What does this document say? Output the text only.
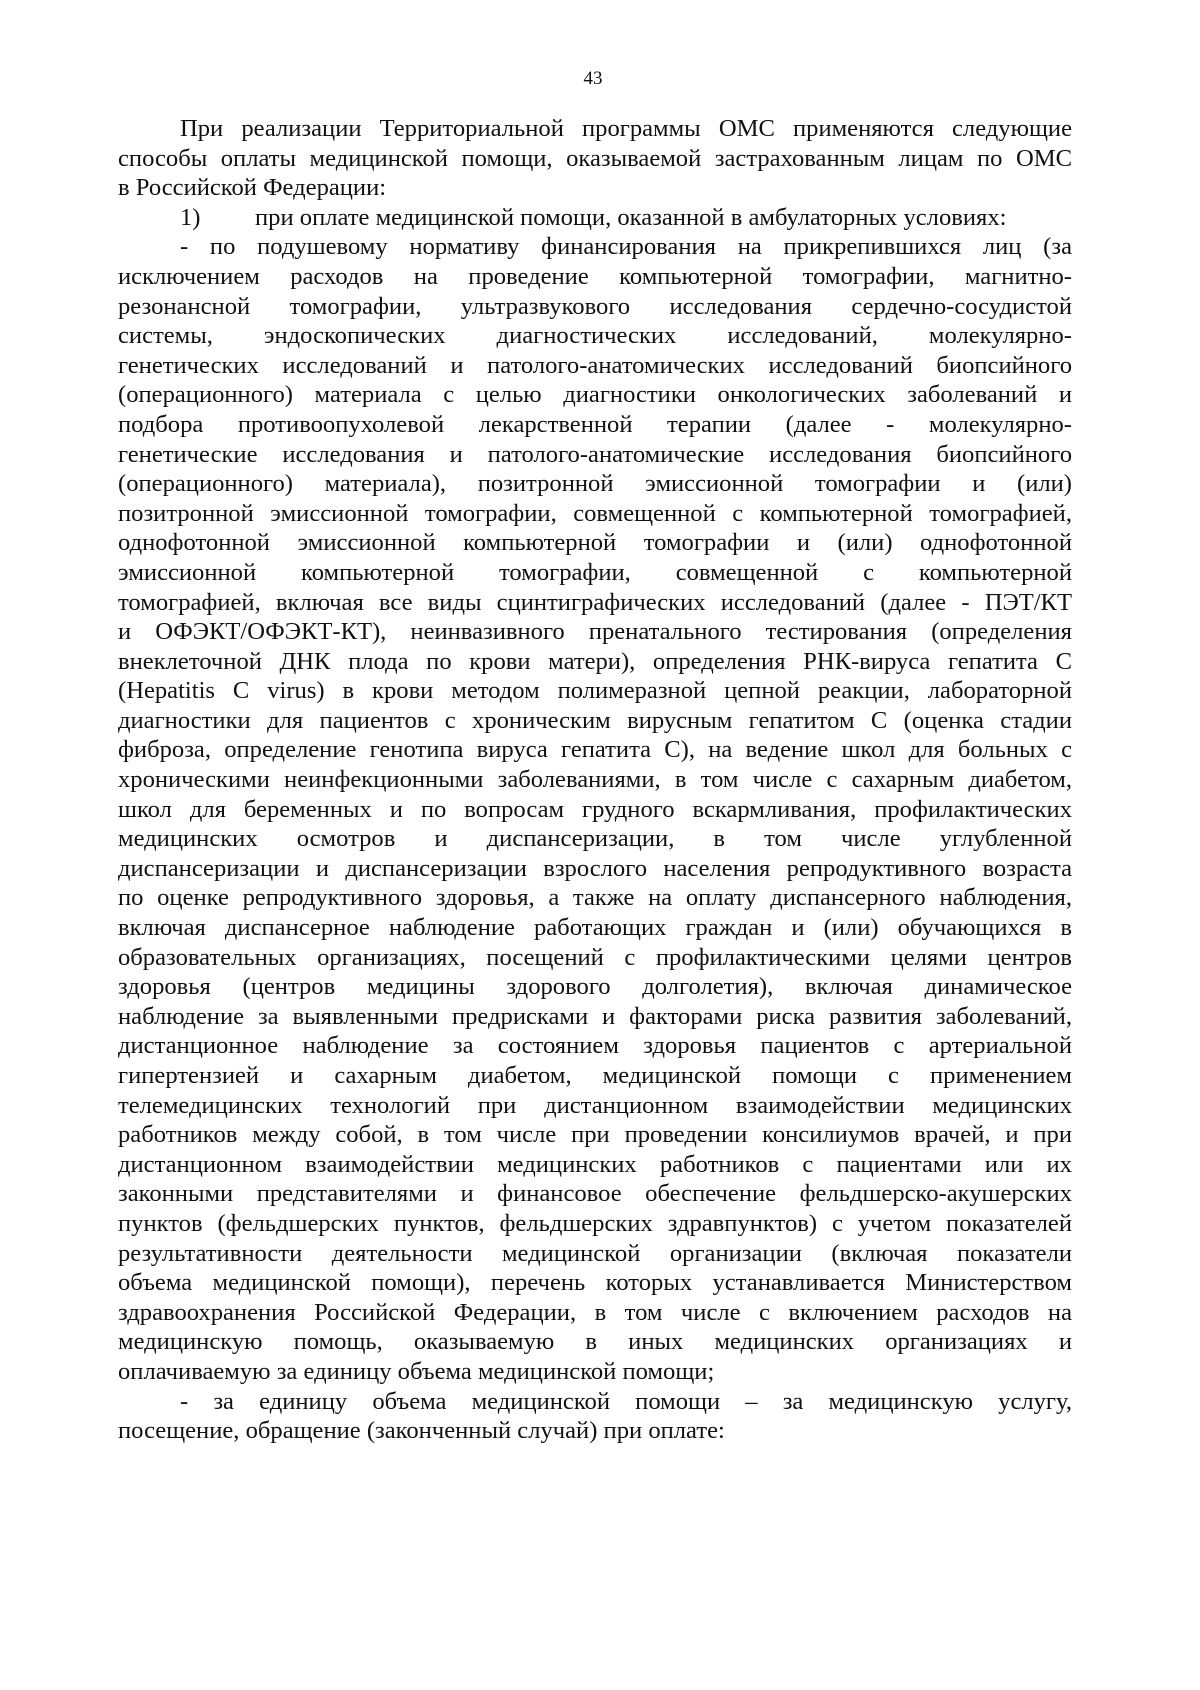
43
При реализации Территориальной программы ОМС применяются следующие
способы оплаты медицинской помощи, оказываемой застрахованным лицам по ОМС
в Российской Федерации:
1) при оплате медицинской помощи, оказанной в амбулаторных условиях:
- по подушевому нормативу финансирования на прикрепившихся лиц (за
исключением расходов на проведение компьютерной томографии, магнитно-
резонансной томографии, ультразвукового исследования сердечно-сосудистой
системы, эндоскопических диагностических исследований, молекулярно-
генетических исследований и патолого-анатомических исследований биопсийного
(операционного) материала с целью диагностики онкологических заболеваний и
подбора противоопухолевой лекарственной терапии (далее - молекулярно-
генетические исследования и патолого-анатомические исследования биопсийного
(операционного) материала), позитронной эмиссионной томографии и (или)
позитронной эмиссионной томографии, совмещенной с компьютерной томографией,
однофотонной эмиссионной компьютерной томографии и (или) однофотонной
эмиссионной компьютерной томографии, совмещенной с компьютерной
томографией, включая все виды сцинтиграфических исследований (далее - ПЭТ/КТ
и ОФЭКТ/ОФЭКТ-КТ), неинвазивного пренатального тестирования (определения
внеклеточной ДНК плода по крови матери), определения РНК-вируса гепатита С
(Hepatitis C virus) в крови методом полимеразной цепной реакции, лабораторной
диагностики для пациентов с хроническим вирусным гепатитом С (оценка стадии
фиброза, определение генотипа вируса гепатита С), на ведение школ для больных с
хроническими неинфекционными заболеваниями, в том числе с сахарным диабетом,
школ для беременных и по вопросам грудного вскармливания, профилактических
медицинских осмотров и диспансеризации, в том числе углубленной
диспансеризации и диспансеризации взрослого населения репродуктивного возраста
по оценке репродуктивного здоровья, а также на оплату диспансерного наблюдения,
включая диспансерное наблюдение работающих граждан и (или) обучающихся в
образовательных организациях, посещений с профилактическими целями центров
здоровья (центров медицины здорового долголетия), включая динамическое
наблюдение за выявленными предрисками и факторами риска развития заболеваний,
дистанционное наблюдение за состоянием здоровья пациентов с артериальной
гипертензией и сахарным диабетом, медицинской помощи с применением
телемедицинских технологий при дистанционном взаимодействии медицинских
работников между собой, в том числе при проведении консилиумов врачей, и при
дистанционном взаимодействии медицинских работников с пациентами или их
законными представителями и финансовое обеспечение фельдшерско-акушерских
пунктов (фельдшерских пунктов, фельдшерских здравпунктов) с учетом показателей
результативности деятельности медицинской организации (включая показатели
объема медицинской помощи), перечень которых устанавливается Министерством
здравоохранения Российской Федерации, в том числе с включением расходов на
медицинскую помощь, оказываемую в иных медицинских организациях и
оплачиваемую за единицу объема медицинской помощи;
- за единицу объема медицинской помощи – за медицинскую услугу,
посещение, обращение (законченный случай) при оплате:
